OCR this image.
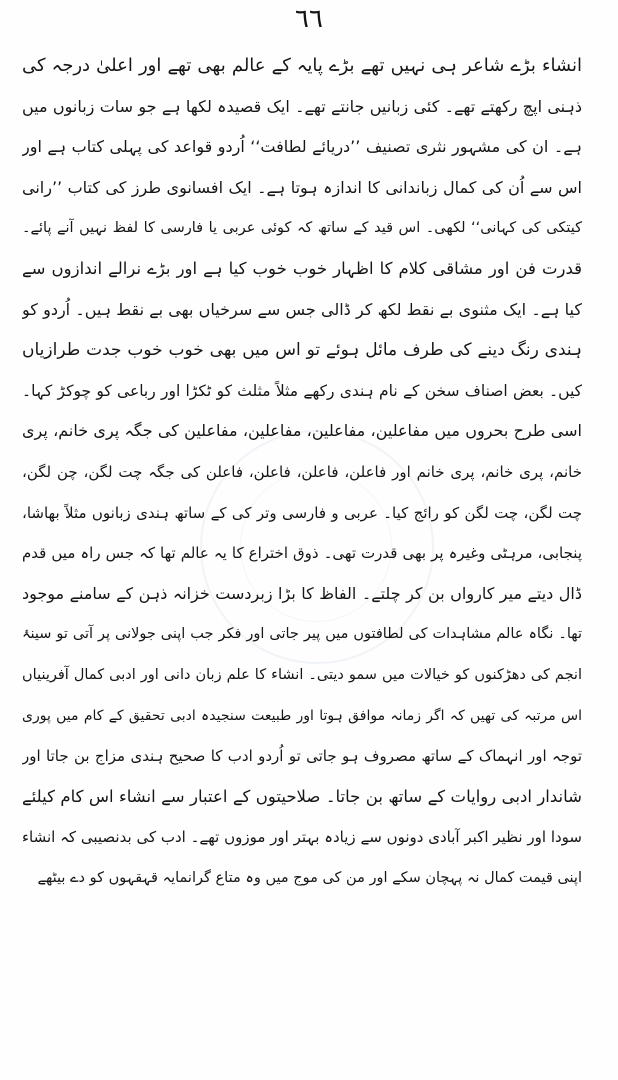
٦٦
انشاء بڑے شاعر ہی نہیں تھے بڑے پایہ کے عالم بھی تھے اور اعلیٰ درجہ کی
ذہنی اپچ رکھتے تھے۔ کئی زبانیں جانتے تھے۔ ایک قصیدہ لکھا ہے جو سات زبانوں میں
ہے۔ ان کی مشہور نثری تصنیف ’’دریائے لطافت‘‘ اُردو قواعد کی پہلی کتاب ہے اور
اس سے اُن کی کمال زباندانی کا اندازہ ہوتا ہے۔ ایک افسانوی طرز کی کتاب ’’رانی
کیتکی کی کہانی‘‘ لکھی۔ اس قید کے ساتھ کہ کوئی عربی یا فارسی کا لفظ نہیں آنے پائے۔
قدرت فن اور مشاقی کلام کا اظہار خوب خوب کیا ہے اور بڑے نرالے اندازوں سے
کیا ہے۔ ایک مثنوی بے نقط لکھ کر ڈالی جس سے سرخیاں بھی بے نقط ہیں۔ اُردو کو
ہندی رنگ دینے کی طرف مائل ہوئے تو اس میں بھی خوب خوب جدت طرازیاں
کیں۔ بعض اصناف سخن کے نام ہندی رکھے مثلاً مثلث کو ٹکڑا اور رباعی کو چوکڑ کہا۔
اسی طرح بحروں میں مفاعلین، مفاعلین، مفاعلین، مفاعلین کی جگہ پری خانم، پری
خانم، پری خانم، پری خانم اور فاعلن، فاعلن، فاعلن، فاعلن کی جگہ چت لگن، چن لگن،
چت لگن، چت لگن کو رائج کیا۔ عربی و فارسی وتر کی کے ساتھ ہندی زبانوں مثلاً بھاشا،
پنجابی، مرہٹی وغیرہ پر بھی قدرت تھی۔ ذوق اختراع کا یہ عالم تھا کہ جس راہ میں قدم
ڈال دیتے میر کارواں بن کر چلتے۔ الفاظ کا بڑا زبردست خزانہ ذہن کے سامنے موجود
تھا۔ نگاہ عالم مشاہدات کی لطافتوں میں پیر جاتی اور فکر جب اپنی جولانی پر آتی تو سینۂ
انجم کی دھڑکنوں کو خیالات میں سمو دیتی۔ انشاء کا علم زبان دانی اور ادبی کمال آفرینیاں
اس مرتبہ کی تھیں کہ اگر زمانہ موافق ہوتا اور طبیعت سنجیدہ ادبی تحقیق کے کام میں پوری
توجہ اور انہماک کے ساتھ مصروف ہو جاتی تو اُردو ادب کا صحیح ہندی مزاج بن جاتا اور
شاندار ادبی روایات کے ساتھ بن جاتا۔ صلاحیتوں کے اعتبار سے انشاء اس کام کیلئے
سودا اور نظیر اکبر آبادی دونوں سے زیادہ بہتر اور موزوں تھے۔ ادب کی بدنصیبی کہ انشاء
اپنی قیمت کمال نہ پہچان سکے اور من کی موج میں وہ متاع گرانمایہ قہقہوں کو دے بیٹھے
